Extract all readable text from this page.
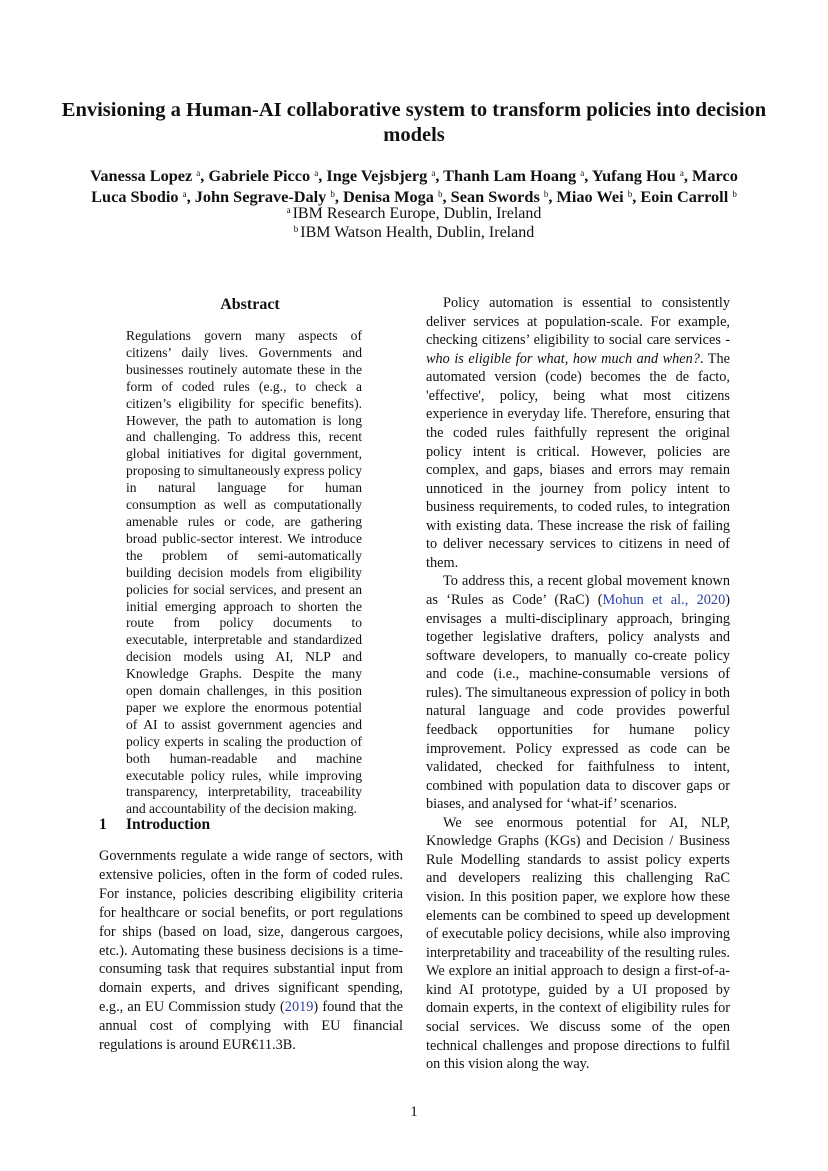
Envisioning a Human-AI collaborative system to transform policies into decision models

Vanessa Lopez $^a$, Gabriele Picco $^a$, Inge Vejsbjerg $^a$, Thanh Lam Hoang $^a$, Yufang Hou $^a$, Marco Luca Sbodio $^a$, John Segrave-Daly $^b$, Denisa Moga $^b$, Sean Swords $^b$, Miao Wei $^b$, Eoin Carroll $^b$

$^a$ IBM Research Europe, Dublin, Ireland

$^b$ IBM Watson Health, Dublin, Ireland

Abstract

Regulations govern many aspects of citizens’ daily lives. Governments and businesses routinely automate these in the form of coded rules (e.g., to check a citizen’s eligibility for specific benefits). However, the path to automation is long and challenging. To address this, recent global initiatives for digital government, proposing to simultaneously express policy in natural language for human consumption as well as computationally amenable rules or code, are gathering broad public-sector interest. We introduce the problem of semi-automatically building decision models from eligibility policies for social services, and present an initial emerging approach to shorten the route from policy documents to executable, interpretable and standardized decision models using AI, NLP and Knowledge Graphs. Despite the many open domain challenges, in this position paper we explore the enormous potential of AI to assist government agencies and policy experts in scaling the production of both human-readable and machine executable policy rules, while improving transparency, interpretability, traceability and accountability of the decision making.

1 Introduction

Governments regulate a wide range of sectors, with extensive policies, often in the form of coded rules. For instance, policies describing eligibility criteria for healthcare or social benefits, or port regulations for ships (based on load, size, dangerous cargoes, etc.). Automating these business decisions is a time-consuming task that requires substantial input from domain experts, and drives significant spending, e.g., an EU Commission study (2019) found that the annual cost of complying with EU financial regulations is around EUR€11.3B.

Policy automation is essential to consistently deliver services at population-scale. For example, checking citizens’ eligibility to social care services - who is eligible for what, how much and when?. The automated version (code) becomes the de facto, 'effective', policy, being what most citizens experience in everyday life. Therefore, ensuring that the coded rules faithfully represent the original policy intent is critical. However, policies are complex, and gaps, biases and errors may remain unnoticed in the journey from policy intent to business requirements, to coded rules, to integration with existing data. These increase the risk of failing to deliver necessary services to citizens in need of them.

To address this, a recent global movement known as ‘Rules as Code’ (RaC) (Mohun et al., 2020) envisages a multi-disciplinary approach, bringing together legislative drafters, policy analysts and software developers, to manually co-create policy and code (i.e., machine-consumable versions of rules). The simultaneous expression of policy in both natural language and code provides powerful feedback opportunities for humane policy improvement. Policy expressed as code can be validated, checked for faithfulness to intent, combined with population data to discover gaps or biases, and analysed for ‘what-if’ scenarios.

We see enormous potential for AI, NLP, Knowledge Graphs (KGs) and Decision / Business Rule Modelling standards to assist policy experts and developers realizing this challenging RaC vision. In this position paper, we explore how these elements can be combined to speed up development of executable policy decisions, while also improving interpretability and traceability of the resulting rules. We explore an initial approach to design a first-of-a-kind AI prototype, guided by a UI proposed by domain experts, in the context of eligibility rules for social services. We discuss some of the open technical challenges and propose directions to fulfil on this vision along the way.

1
